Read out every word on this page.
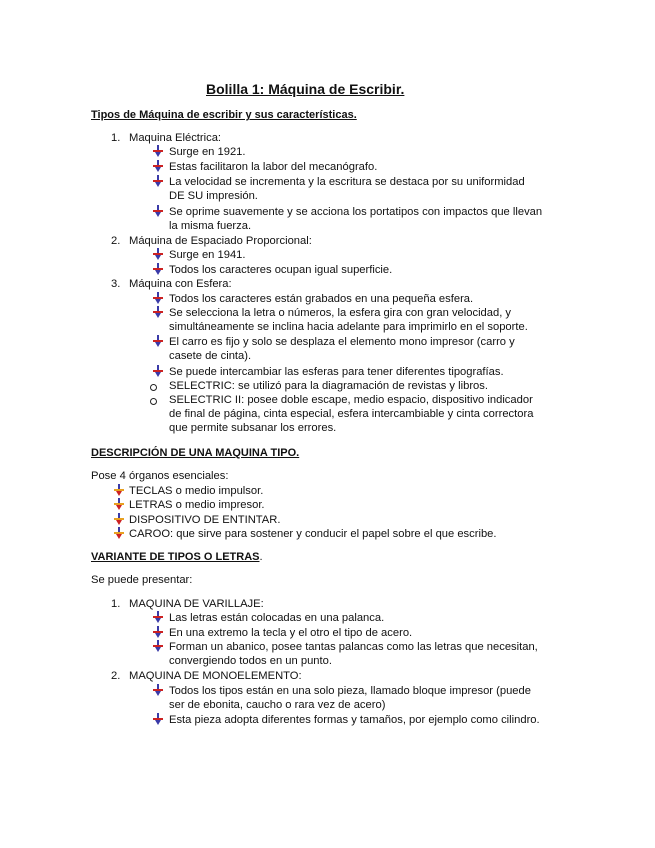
Bolilla 1: Máquina de Escribir.
Tipos de Máquina de escribir y sus características.
1. Maquina Eléctrica:
Surge en 1921.
Estas facilitaron la labor del mecanógrafo.
La velocidad se incrementa y la escritura se destaca por su uniformidad
DE SU impresión.
Se oprime suavemente y se acciona los portatipos con impactos que llevan
la misma fuerza.
2. Máquina de Espaciado Proporcional:
Surge en 1941.
Todos los caracteres ocupan igual superficie.
3. Máquina con Esfera:
Todos los caracteres están grabados en una pequeña esfera.
Se selecciona la letra o números, la esfera gira con gran velocidad, y
simultáneamente se inclina hacia adelante para imprimirlo en el soporte.
El carro es fijo y solo se desplaza el elemento mono impresor (carro y
casete de cinta).
Se puede intercambiar las esferas para tener diferentes tipografías.
SELECTRIC: se utilizó para la diagramación de revistas y libros.
SELECTRIC II: posee doble escape, medio espacio, dispositivo indicador
de final de página, cinta especial, esfera intercambiable y cinta correctora
que permite subsanar los errores.
DESCRIPCIÓN DE UNA MAQUINA TIPO.
Pose 4 órganos esenciales:
TECLAS o medio impulsor.
LETRAS o medio impresor.
DISPOSITIVO DE ENTINTAR.
CAROO: que sirve para sostener y conducir el papel sobre el que escribe.
VARIANTE DE TIPOS O LETRAS.
Se puede presentar:
1. MAQUINA DE VARILLAJE:
Las letras están colocadas en una palanca.
En una extremo la tecla y el otro el tipo de acero.
Forman un abanico, posee tantas palancas como las letras que necesitan,
convergiendo todos en un punto.
2. MAQUINA DE MONOELEMENTO:
Todos los tipos están en una solo pieza, llamado bloque impresor (puede
ser de ebonita, caucho o rara vez de acero)
Esta pieza adopta diferentes formas y tamaños, por ejemplo como cilindro.
